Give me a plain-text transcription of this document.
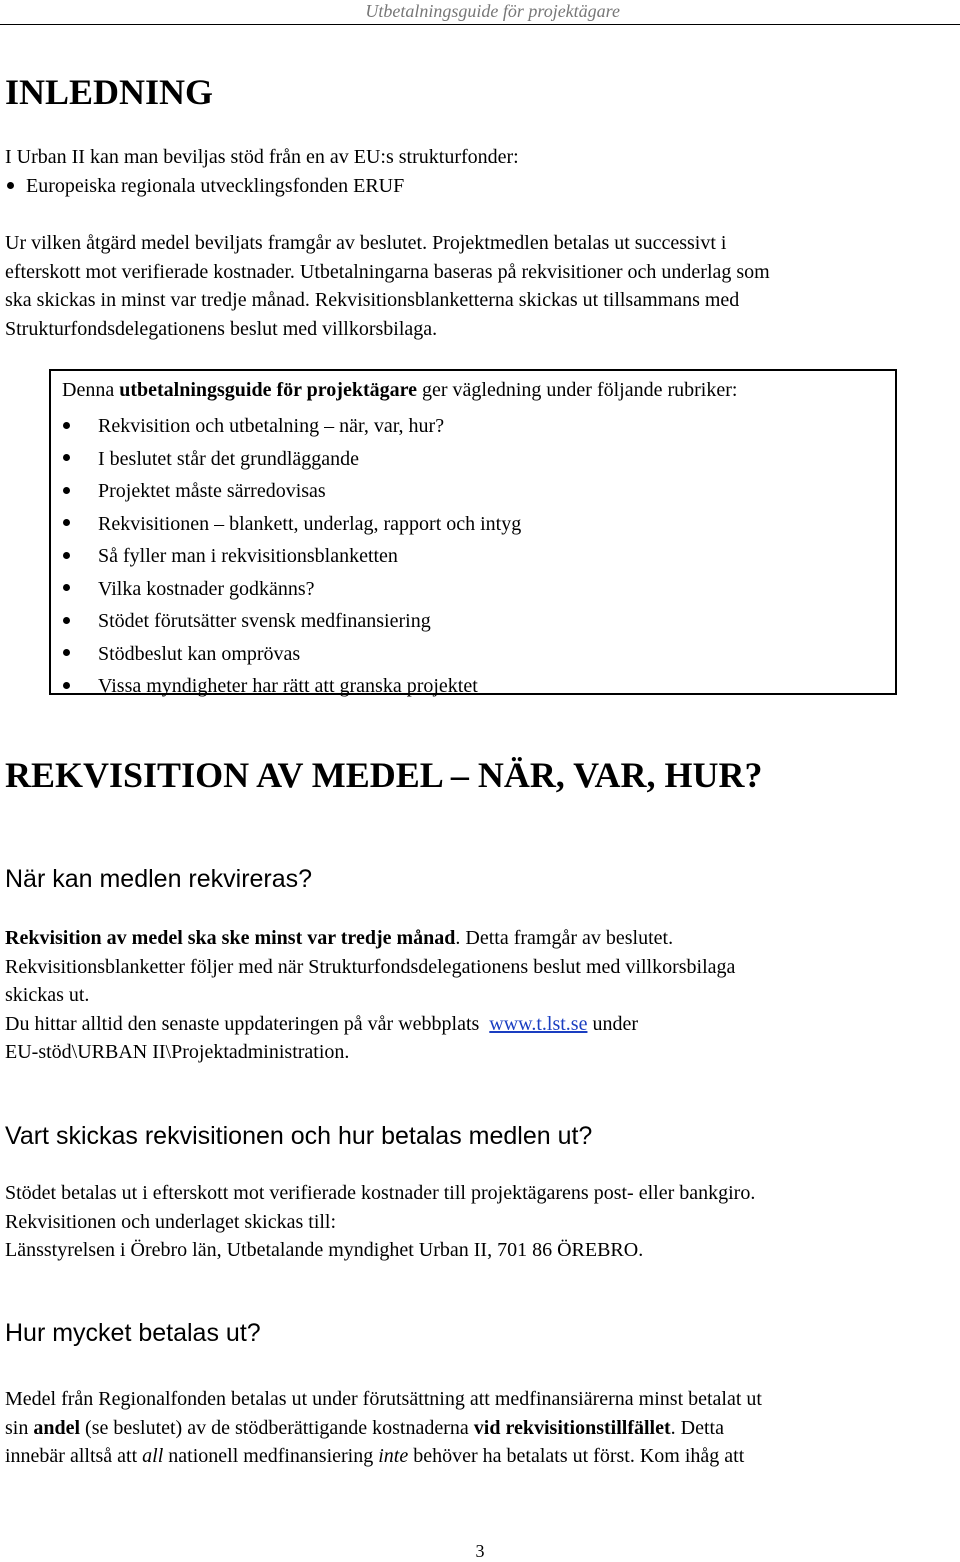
Utbetalningsguide för projektägare
INLEDNING
I Urban II kan man beviljas stöd från en av EU:s strukturfonder:
Europeiska regionala utvecklingsfonden ERUF
Ur vilken åtgärd medel beviljats framgår av beslutet. Projektmedlen betalas ut successivt i
efterskott mot verifierade kostnader. Utbetalningarna baseras på rekvisitioner och underlag som
ska skickas in minst var tredje månad. Rekvisitionsblanketterna skickas ut tillsammans med
Strukturfondsdelegationens beslut med villkorsbilaga.
Denna utbetalningsguide för projektägare ger vägledning under följande rubriker:
Rekvisition och utbetalning – när, var, hur?
I beslutet står det grundläggande
Projektet måste särredovisas
Rekvisitionen – blankett, underlag, rapport och intyg
Så fyller man i rekvisitionsblanketten
Vilka kostnader godkänns?
Stödet förutsätter svensk medfinansiering
Stödbeslut kan omprövas
Vissa myndigheter har rätt att granska projektet
REKVISITION AV MEDEL – NÄR, VAR, HUR?
När kan medlen rekvireras?
Rekvisition av medel ska ske minst var tredje månad. Detta framgår av beslutet.
Rekvisitionsblanketter följer med när Strukturfondsdelegationens beslut med villkorsbilaga
skickas ut.
Du hittar alltid den senaste uppdateringen på vår webbplats  www.t.lst.se under
EU-stöd\URBAN II\Projektadministration.
Vart skickas rekvisitionen och hur betalas medlen ut?
Stödet betalas ut i efterskott mot verifierade kostnader till projektägarens post- eller bankgiro.
Rekvisitionen och underlaget skickas till:
Länsstyrelsen i Örebro län, Utbetalande myndighet Urban II, 701 86 ÖREBRO.
Hur mycket betalas ut?
Medel från Regionalfonden betalas ut under förutsättning att medfinansiärerna minst betalat ut
sin andel (se beslutet) av de stödberättigande kostnaderna vid rekvisitionstillfället. Detta
innebär alltså att all nationell medfinansiering inte behöver ha betalats ut först. Kom ihåg att
3
